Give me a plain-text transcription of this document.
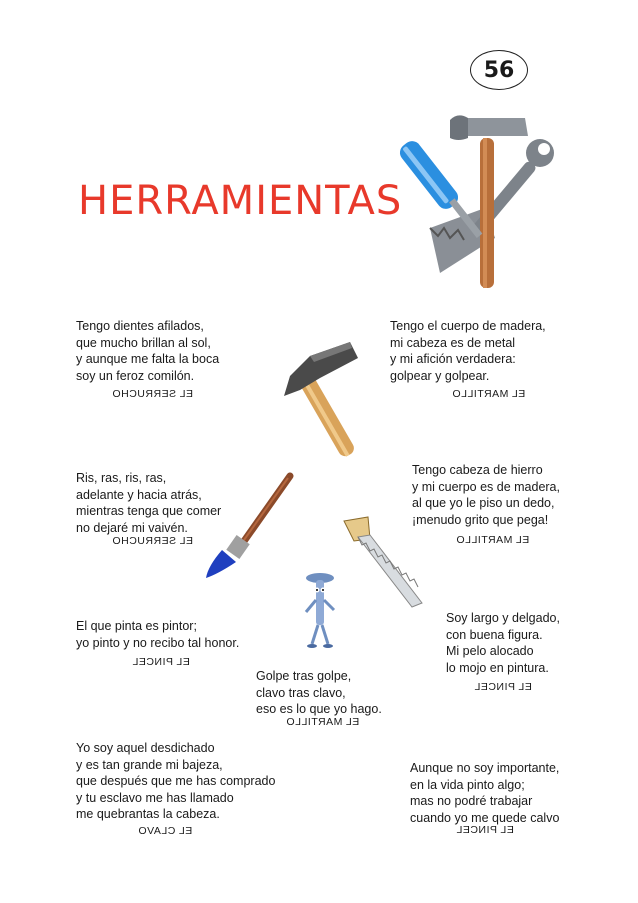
56
HERRAMIENTAS
Tengo dientes afilados,
que mucho brillan al sol,
y aunque me falta la boca
soy un feroz comilón.
EL SERRUCHO
Tengo el cuerpo de madera,
mi cabeza es de metal
y mi afición verdadera:
golpear y golpear.
EL MARTILLO
Ris, ras, ris, ras,
adelante y hacia atrás,
mientras tenga que comer
no dejaré mi vaivén.
EL SERRUCHO
Tengo cabeza de hierro
y mi cuerpo es de madera,
al que yo le piso un dedo,
¡menudo grito que pega!
EL MARTILLO
El que pinta es pintor;
yo pinto y no recibo tal honor.
EL PINCEL
Soy largo y delgado,
con buena figura.
Mi pelo alocado
lo mojo en pintura.
EL PINCEL
Golpe tras golpe,
clavo tras clavo,
eso es lo que yo hago.
EL MARTILLO
Yo soy aquel desdichado
y es tan grande mi bajeza,
que después que me has comprado
y tu esclavo me has llamado
me quebrantas la cabeza.
EL CLAVO
Aunque no soy importante,
en la vida pinto algo;
mas no podré trabajar
cuando yo me quede calvo
EL PINCEL
